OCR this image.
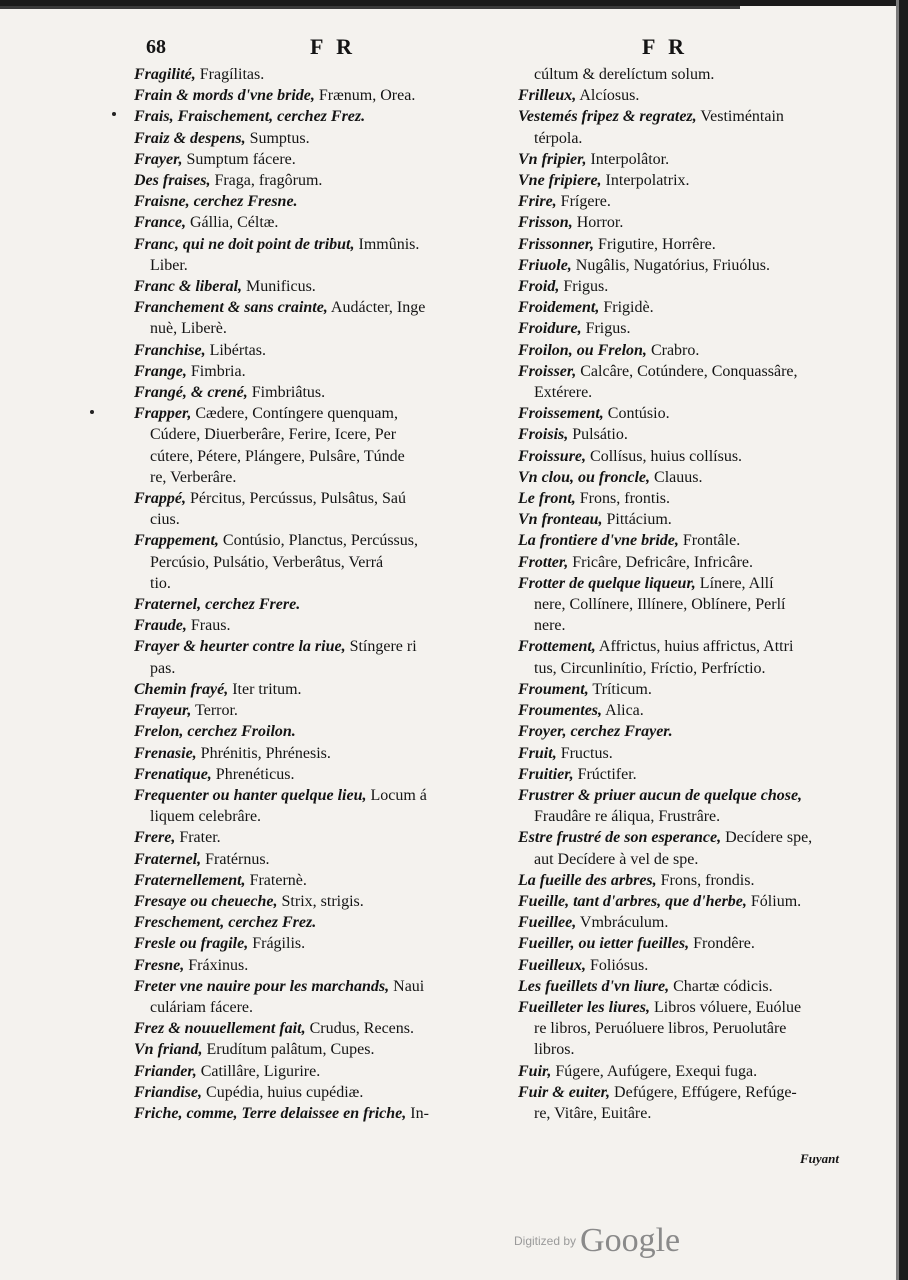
68	F R	F R

Fragilité, Fragílitas.

Frain & mords d'vne bride, Frænum, Orea.

Frais, Fraischement, cerchez Frez.

Fraiz & despens, Sumptus.

Frayer, Sumptum fácere.

Des fraises, Fraga, fragôrum.

Fraisne, cerchez Fresne.

France, Gállia, Céltæ.

Franc, qui ne doit point de tribut, Immûnis.

Liber.

Franc & liberal, Munificus.

Franchement & sans crainte, Audácter, Inge

nuè, Liberè.

Franchise, Libértas.

Frange, Fimbria.

Frangé, & crené, Fimbriâtus.

Frapper, Cædere, Contíngere quenquam,

Cúdere, Diuerberâre, Ferire, Icere, Per

cútere, Pétere, Plángere, Pulsâre, Túnde

re, Verberâre.

Frappé, Pércitus, Percússus, Pulsâtus, Saú

cius.

Frappement, Contúsio, Planctus, Percússus,

Percúsio, Pulsátio, Verberâtus, Verrá

tio.

Fraternel, cerchez Frere.

Fraude, Fraus.

Frayer & heurter contre la riue, Stíngere ri

pas.

Chemin frayé, Iter tritum.

Frayeur, Terror.

Frelon, cerchez Froilon.

Frenasie, Phrénitis, Phrénesis.

Frenatique, Phrenéticus.

Frequenter ou hanter quelque lieu, Locum á

liquem celebrâre.

Frere, Frater.

Fraternel, Fratérnus.

Fraternellement, Fraternè.

Fresaye ou cheueche, Strix, strigis.

Freschement, cerchez Frez.

Fresle ou fragile, Frágilis.

Fresne, Fráxinus.

Freter vne nauire pour les marchands, Naui

culáriam fácere.

Frez & nouuellement fait, Crudus, Recens.

Vn friand, Erudítum palâtum, Cupes.

Friander, Catillâre, Ligurire.

Friandise, Cupédia, huius cupédiæ.

Friche, comme, Terre delaissee en friche, In-

cúltum & derelíctum solum.

Frilleux, Alcíosus.

Vestemés fripez & regratez, Vestiméntain

térpola.

Vn fripier, Interpolâtor.

Vne fripiere, Interpolatrix.

Frire, Frígere.

Frisson, Horror.

Frissonner, Frigutire, Horrêre.

Friuole, Nugâlis, Nugatórius, Friuólus.

Froid, Frigus.

Froidement, Frigidè.

Froidure, Frigus.

Froilon, ou Frelon, Crabro.

Froisser, Calcâre, Cotúndere, Conquassâre,

Extérere.

Froissement, Contúsio.

Froisis, Pulsátio.

Froissure, Collísus, huius collísus.

Vn clou, ou froncle, Clauus.

Le front, Frons, frontis.

Vn fronteau, Pittácium.

La frontiere d'vne bride, Frontâle.

Frotter, Fricâre, Defricâre, Infricâre.

Frotter de quelque liqueur, Línere, Allí

nere, Collínere, Illínere, Oblínere, Perlí

nere.

Frottement, Affrictus, huius affrictus, Attri

tus, Circunlinítio, Fríctio, Perfríctio.

Froument, Tríticum.

Froumentes, Alica.

Froyer, cerchez Frayer.

Fruit, Fructus.

Fruitier, Frúctifer.

Frustrer & priuer aucun de quelque chose,

Fraudâre re áliqua, Frustrâre.

Estre frustré de son esperance, Decídere spe,

aut Decídere à vel de spe.

La fueille des arbres, Frons, frondis.

Fueille, tant d'arbres, que d'herbe, Fólium.

Fueillee, Vmbráculum.

Fueiller, ou ietter fueilles, Frondêre.

Fueilleux, Foliósus.

Les fueillets d'vn liure, Chartæ códicis.

Fueilleter les liures, Libros vóluere, Euólue

re libros, Peruóluere libros, Peruolutâre

libros.

Fuir, Fúgere, Aufúgere, Exequi fuga.

Fuir & euiter, Defúgere, Effúgere, Refúge-

re, Vitâre, Euitâre.

Fuyant
Digitized by Google
